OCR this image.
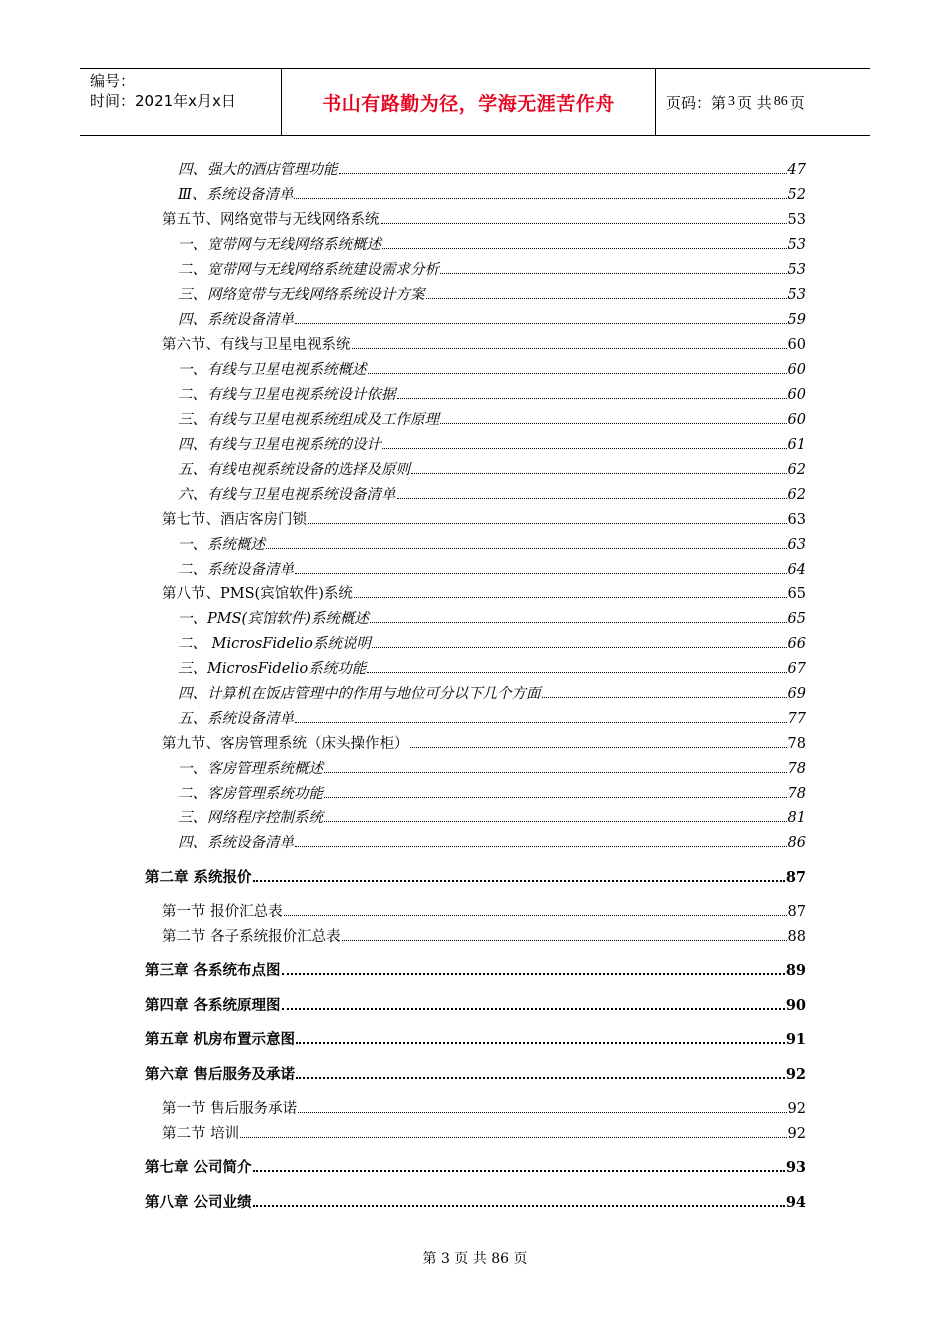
编号：
时间：2021年x月x日	书山有路勤为径，学海无涯苦作舟	页码：第 3 页 共 86 页
四、强大的酒店管理功能	47
Ⅲ、系统设备清单	52
第五节、网络宽带与无线网络系统	53
一、宽带网与无线网络系统概述	53
二、宽带网与无线网络系统建设需求分析	53
三、网络宽带与无线网络系统设计方案	53
四、系统设备清单	59
第六节、有线与卫星电视系统	60
一、有线与卫星电视系统概述	60
二、有线与卫星电视系统设计依据	60
三、有线与卫星电视系统组成及工作原理	60
四、有线与卫星电视系统的设计	61
五、有线电视系统设备的选择及原则	62
六、有线与卫星电视系统设备清单	62
第七节、酒店客房门锁	63
一、系统概述	63
二、系统设备清单	64
第八节、PMS(宾馆软件)系统	65
一、PMS(宾馆软件)系统概述	65
二、 MicrosFidelio系统说明	66
三、MicrosFidelio系统功能	67
四、计算机在饭店管理中的作用与地位可分以下几个方面	69
五、系统设备清单	77
第九节、客房管理系统（床头操作柜）	78
一、客房管理系统概述	78
二、客房管理系统功能	78
三、网络程序控制系统	81
四、系统设备清单	86
第二章 系统报价	87
第一节 报价汇总表	87
第二节 各子系统报价汇总表	88
第三章 各系统布点图	89
第四章 各系统原理图	90
第五章 机房布置示意图	91
第六章 售后服务及承诺	92
第一节 售后服务承诺	92
第二节 培训	92
第七章 公司简介	93
第八章 公司业绩	94
第 3 页 共 86 页
